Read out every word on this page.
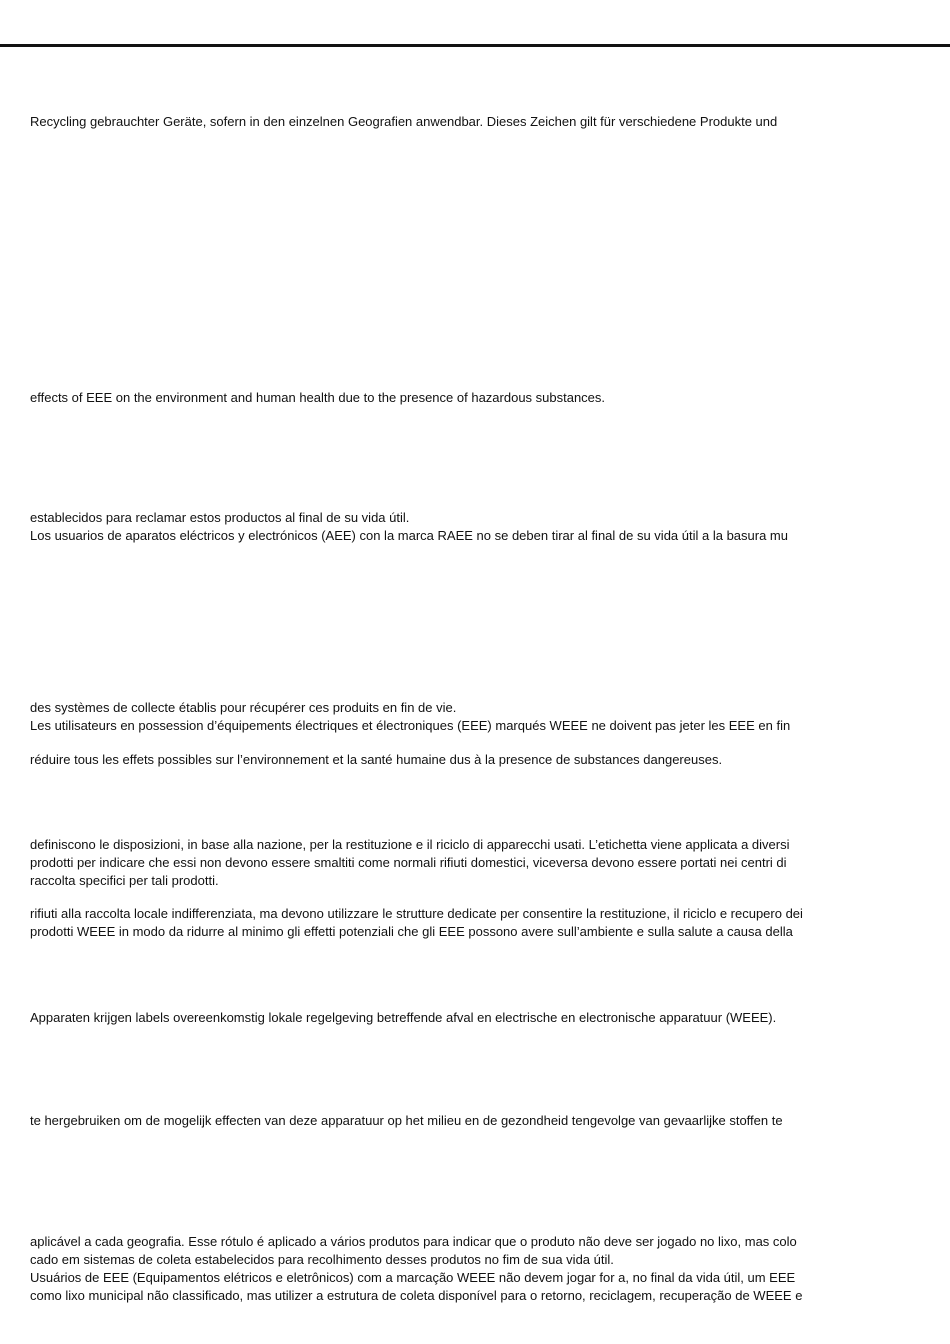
Recycling gebrauchter Geräte, sofern in den einzelnen Geografien anwendbar. Dieses Zeichen gilt für verschiedene Produkte und
effects of EEE on the environment and human health due to the presence of hazardous substances.
establecidos para reclamar estos productos al final de su vida útil.
Los usuarios de aparatos eléctricos y electrónicos (AEE) con la marca RAEE no se deben tirar al final de su vida útil a la basura mu
des systèmes de collecte établis pour récupérer ces produits en fin de vie.
Les utilisateurs en possession d’équipements électriques et électroniques (EEE) marqués WEEE ne doivent pas jeter les EEE en fin
réduire tous les effets possibles sur l’environnement et la santé humaine dus à la presence de substances dangereuses.
definiscono le disposizioni, in base alla nazione, per la restituzione e il riciclo di apparecchi usati. L’etichetta viene applicata a diversi
prodotti per indicare che essi non devono essere smaltiti come normali rifiuti domestici, viceversa devono essere portati nei centri di
raccolta specifici per tali prodotti.
rifiuti alla raccolta locale indifferenziata, ma devono utilizzare le strutture dedicate per consentire la restituzione, il riciclo e recupero dei
prodotti WEEE in modo da ridurre al minimo gli effetti potenziali che gli EEE possono avere sull’ambiente e sulla salute a causa della
Apparaten krijgen labels overeenkomstig lokale regelgeving betreffende afval en electrische en electronische apparatuur (WEEE).
te hergebruiken om de mogelijk effecten van deze apparatuur op het milieu en de gezondheid tengevolge van gevaarlijke stoffen te
aplicável a cada geografia. Esse rótulo é aplicado a vários produtos para indicar que o produto não deve ser jogado no lixo, mas colo
cado em sistemas de coleta estabelecidos para recolhimento desses produtos no fim de sua vida útil.
Usuários de EEE (Equipamentos elétricos e eletrônicos) com a marcação WEEE não devem jogar for a, no final da vida útil, um EEE
como lixo municipal não classificado, mas utilizer a estrutura de coleta disponível para o retorno, reciclagem, recuperação de WEEE e
